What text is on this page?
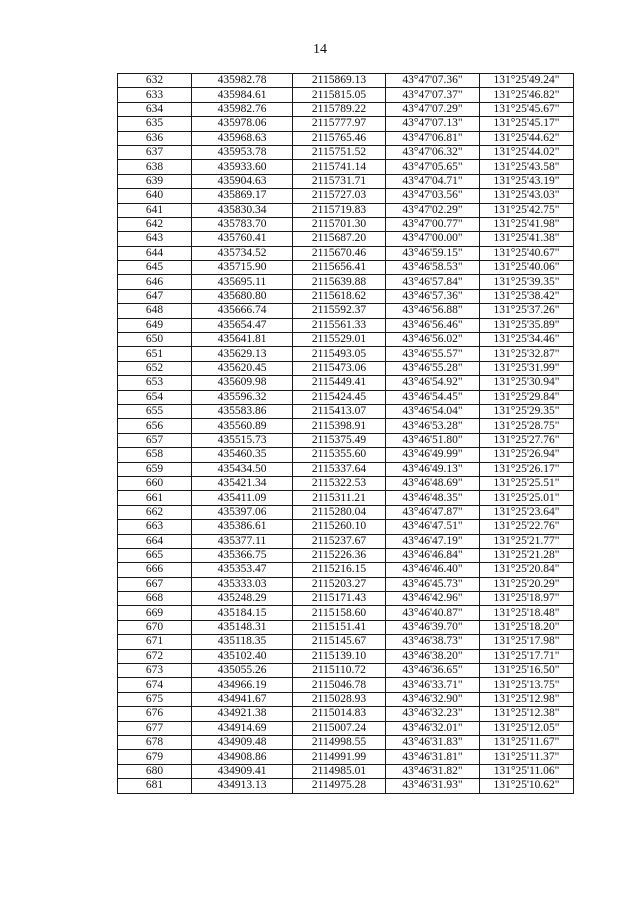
14
632	435982.78	2115869.13	43°47'07.36"	131°25'49.24"
633	435984.61	2115815.05	43°47'07.37"	131°25'46.82"
634	435982.76	2115789.22	43°47'07.29"	131°25'45.67"
635	435978.06	2115777.97	43°47'07.13"	131°25'45.17"
636	435968.63	2115765.46	43°47'06.81"	131°25'44.62"
637	435953.78	2115751.52	43°47'06.32"	131°25'44.02"
638	435933.60	2115741.14	43°47'05.65"	131°25'43.58"
639	435904.63	2115731.71	43°47'04.71"	131°25'43.19"
640	435869.17	2115727.03	43°47'03.56"	131°25'43.03"
641	435830.34	2115719.83	43°47'02.29"	131°25'42.75"
642	435783.70	2115701.30	43°47'00.77"	131°25'41.98"
643	435760.41	2115687.20	43°47'00.00"	131°25'41.38"
644	435734.52	2115670.46	43°46'59.15"	131°25'40.67"
645	435715.90	2115656.41	43°46'58.53"	131°25'40.06"
646	435695.11	2115639.88	43°46'57.84"	131°25'39.35"
647	435680.80	2115618.62	43°46'57.36"	131°25'38.42"
648	435666.74	2115592.37	43°46'56.88"	131°25'37.26"
649	435654.47	2115561.33	43°46'56.46"	131°25'35.89"
650	435641.81	2115529.01	43°46'56.02"	131°25'34.46"
651	435629.13	2115493.05	43°46'55.57"	131°25'32.87"
652	435620.45	2115473.06	43°46'55.28"	131°25'31.99"
653	435609.98	2115449.41	43°46'54.92"	131°25'30.94"
654	435596.32	2115424.45	43°46'54.45"	131°25'29.84"
655	435583.86	2115413.07	43°46'54.04"	131°25'29.35"
656	435560.89	2115398.91	43°46'53.28"	131°25'28.75"
657	435515.73	2115375.49	43°46'51.80"	131°25'27.76"
658	435460.35	2115355.60	43°46'49.99"	131°25'26.94"
659	435434.50	2115337.64	43°46'49.13"	131°25'26.17"
660	435421.34	2115322.53	43°46'48.69"	131°25'25.51"
661	435411.09	2115311.21	43°46'48.35"	131°25'25.01"
662	435397.06	2115280.04	43°46'47.87"	131°25'23.64"
663	435386.61	2115260.10	43°46'47.51"	131°25'22.76"
664	435377.11	2115237.67	43°46'47.19"	131°25'21.77"
665	435366.75	2115226.36	43°46'46.84"	131°25'21.28"
666	435353.47	2115216.15	43°46'46.40"	131°25'20.84"
667	435333.03	2115203.27	43°46'45.73"	131°25'20.29"
668	435248.29	2115171.43	43°46'42.96"	131°25'18.97"
669	435184.15	2115158.60	43°46'40.87"	131°25'18.48"
670	435148.31	2115151.41	43°46'39.70"	131°25'18.20"
671	435118.35	2115145.67	43°46'38.73"	131°25'17.98"
672	435102.40	2115139.10	43°46'38.20"	131°25'17.71"
673	435055.26	2115110.72	43°46'36.65"	131°25'16.50"
674	434966.19	2115046.78	43°46'33.71"	131°25'13.75"
675	434941.67	2115028.93	43°46'32.90"	131°25'12.98"
676	434921.38	2115014.83	43°46'32.23"	131°25'12.38"
677	434914.69	2115007.24	43°46'32.01"	131°25'12.05"
678	434909.48	2114998.55	43°46'31.83"	131°25'11.67"
679	434908.86	2114991.99	43°46'31.81"	131°25'11.37"
680	434909.41	2114985.01	43°46'31.82"	131°25'11.06"
681	434913.13	2114975.28	43°46'31.93"	131°25'10.62"
